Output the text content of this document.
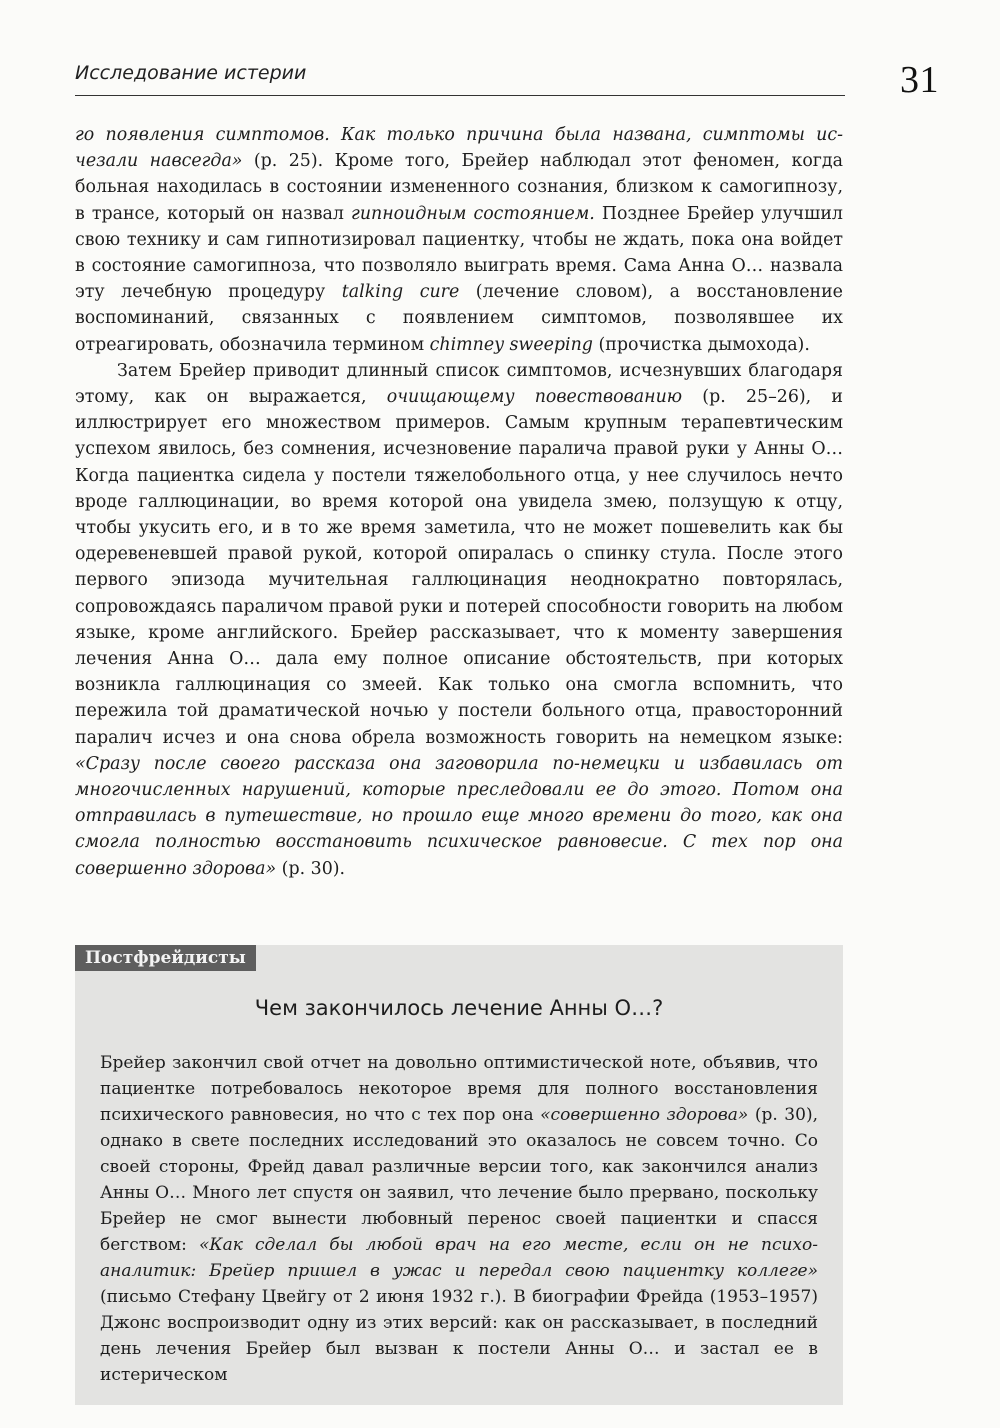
Исследование истерии	31

го появления симптомов. Как только причина была названа, симптомы исчезали навсегда» (р. 25). Кроме того, Брейер наблюдал этот феномен, когда больная находилась в состоянии измененного сознания, близком к самогипнозу, в трансе, который он назвал гипноидным состоянием. Позднее Брейер улучшил свою технику и сам гипнотизировал пациентку, чтобы не ждать, пока она войдет в состояние самогипноза, что позволяло выиграть время. Сама Анна О… назвала эту лечебную процедуру talking cure (лечение словом), а восстановление воспоминаний, связанных с появлением симптомов, позволявшее их отреагировать, обозначила термином chimney sweeping (прочистка дымохода).

Затем Брейер приводит длинный список симптомов, исчезнувших благодаря этому, как он выражается, очищающему повествованию (р. 25–26), и иллюстрирует его множеством примеров. Самым крупным терапевтическим успехом явилось, без сомнения, исчезновение паралича правой руки у Анны О… Когда пациентка сидела у постели тяжелобольного отца, у нее случилось нечто вроде галлюцинации, во время которой она увидела змею, ползущую к отцу, чтобы укусить его, и в то же время заметила, что не может пошевелить как бы одеревеневшей правой рукой, которой опиралась о спинку стула. После этого первого эпизода мучительная галлюцинация неоднократно повторялась, сопровождаясь параличом правой руки и потерей способности говорить на любом языке, кроме английского. Брейер рассказывает, что к моменту завершения лечения Анна О… дала ему полное описание обстоятельств, при которых возникла галлюцинация со змеей. Как только она смогла вспомнить, что пережила той драматической ночью у постели больного отца, правосторонний паралич исчез и она снова обрела возможность говорить на немецком языке: «Сразу после своего рассказа она заговорила по-немецки и избавилась от многочисленных нарушений, которые преследовали ее до этого. Потом она отправилась в путешествие, но прошло еще много времени до того, как она смогла полностью восстановить психическое равновесие. С тех пор она совершенно здорова» (р. 30).

Постфрейдисты
Чем закончилось лечение Анны О…?

Брейер закончил свой отчет на довольно оптимистической ноте, объявив, что пациентке потребовалось некоторое время для полного восстановления психического равновесия, но что с тех пор она «совершенно здорова» (р. 30), однако в свете последних исследований это оказалось не совсем точно. Со своей стороны, Фрейд давал различные версии того, как закончился анализ Анны О… Много лет спустя он заявил, что лечение было прервано, поскольку Брейер не смог вынести любовный перенос своей пациентки и спасся бегством: «Как сделал бы любой врач на его месте, если он не психоаналитик: Брейер пришел в ужас и передал свою пациентку коллеге» (письмо Стефану Цвейгу от 2 июня 1932 г.). В биографии Фрейда (1953–1957) Джонс воспроизводит одну из этих версий: как он рассказывает, в последний день лечения Брейер был вызван к постели Анны О… и застал ее в истерическом
